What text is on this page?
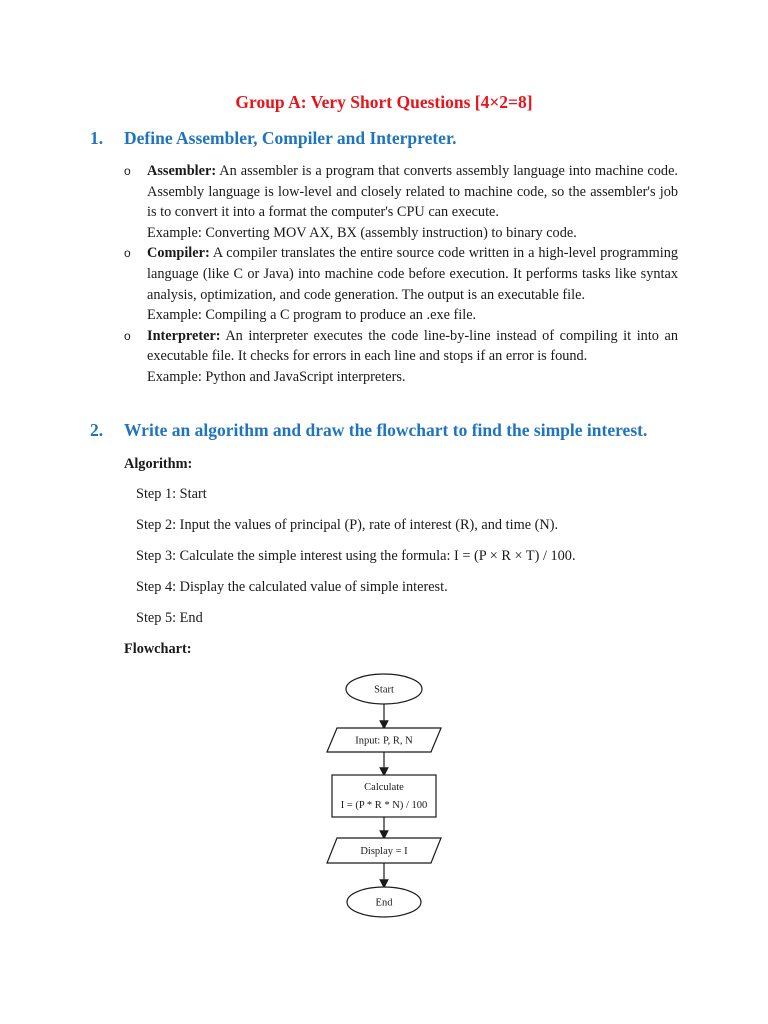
Group A: Very Short Questions [4×2=8]
1. Define Assembler, Compiler and Interpreter.
o Assembler: An assembler is a program that converts assembly language into machine code. Assembly language is low-level and closely related to machine code, so the assembler's job is to convert it into a format the computer's CPU can execute.
Example: Converting MOV AX, BX (assembly instruction) to binary code.
o Compiler: A compiler translates the entire source code written in a high-level programming language (like C or Java) into machine code before execution. It performs tasks like syntax analysis, optimization, and code generation. The output is an executable file.
Example: Compiling a C program to produce an .exe file.
o Interpreter: An interpreter executes the code line-by-line instead of compiling it into an executable file. It checks for errors in each line and stops if an error is found.
Example: Python and JavaScript interpreters.
2. Write an algorithm and draw the flowchart to find the simple interest.
Algorithm:
Step 1: Start
Step 2: Input the values of principal (P), rate of interest (R), and time (N).
Step 3: Calculate the simple interest using the formula: I = (P × R × T) / 100.
Step 4: Display the calculated value of simple interest.
Step 5: End
Flowchart:
Start
Input: P, R, N
Calculate
I = (P * R * N) / 100
Display = I
End
